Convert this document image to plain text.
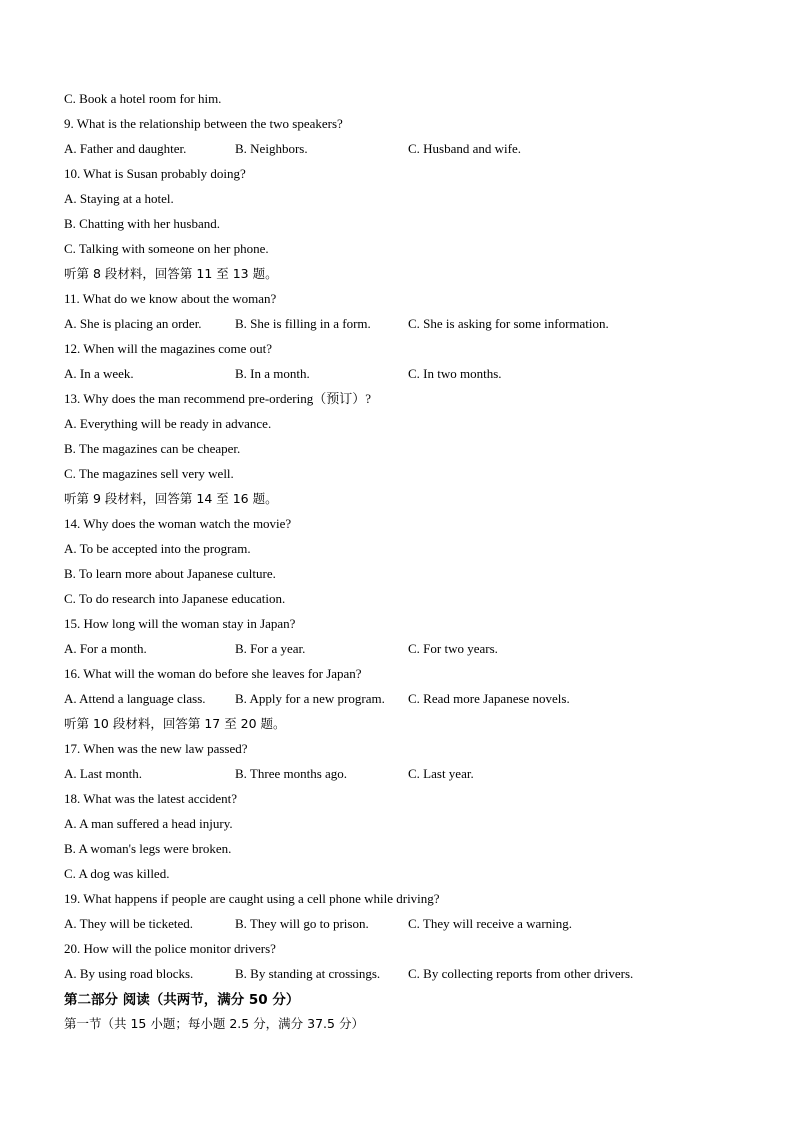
C. Book a hotel room for him.
9. What is the relationship between the two speakers?
A. Father and daughter.	B. Neighbors.	C. Husband and wife.
10. What is Susan probably doing?
A. Staying at a hotel.
B. Chatting with her husband.
C. Talking with someone on her phone.
听第 8 段材料，回答第 11 至 13 题。
11. What do we know about the woman?
A. She is placing an order.	B. She is filling in a form.	C. She is asking for some information.
12. When will the magazines come out?
A. In a week.	B. In a month.	C. In two months.
13. Why does the man recommend pre-ordering（预订）?
A. Everything will be ready in advance.
B. The magazines can be cheaper.
C. The magazines sell very well.
听第 9 段材料，回答第 14 至 16 题。
14. Why does the woman watch the movie?
A. To be accepted into the program.
B. To learn more about Japanese culture.
C. To do research into Japanese education.
15. How long will the woman stay in Japan?
A. For a month.	B. For a year.	C. For two years.
16. What will the woman do before she leaves for Japan?
A. Attend a language class.	B. Apply for a new program.	C. Read more Japanese novels.
听第 10 段材料，回答第 17 至 20 题。
17. When was the new law passed?
A. Last month.	B. Three months ago.	C. Last year.
18. What was the latest accident?
A. A man suffered a head injury.
B. A woman's legs were broken.
C. A dog was killed.
19. What happens if people are caught using a cell phone while driving?
A. They will be ticketed.	B. They will go to prison.	C. They will receive a warning.
20. How will the police monitor drivers?
A. By using road blocks.	B. By standing at crossings.	C. By collecting reports from other drivers.
第二部分 阅读（共两节，满分 50 分）
第一节（共 15 小题；每小题 2.5 分，满分 37.5 分）
